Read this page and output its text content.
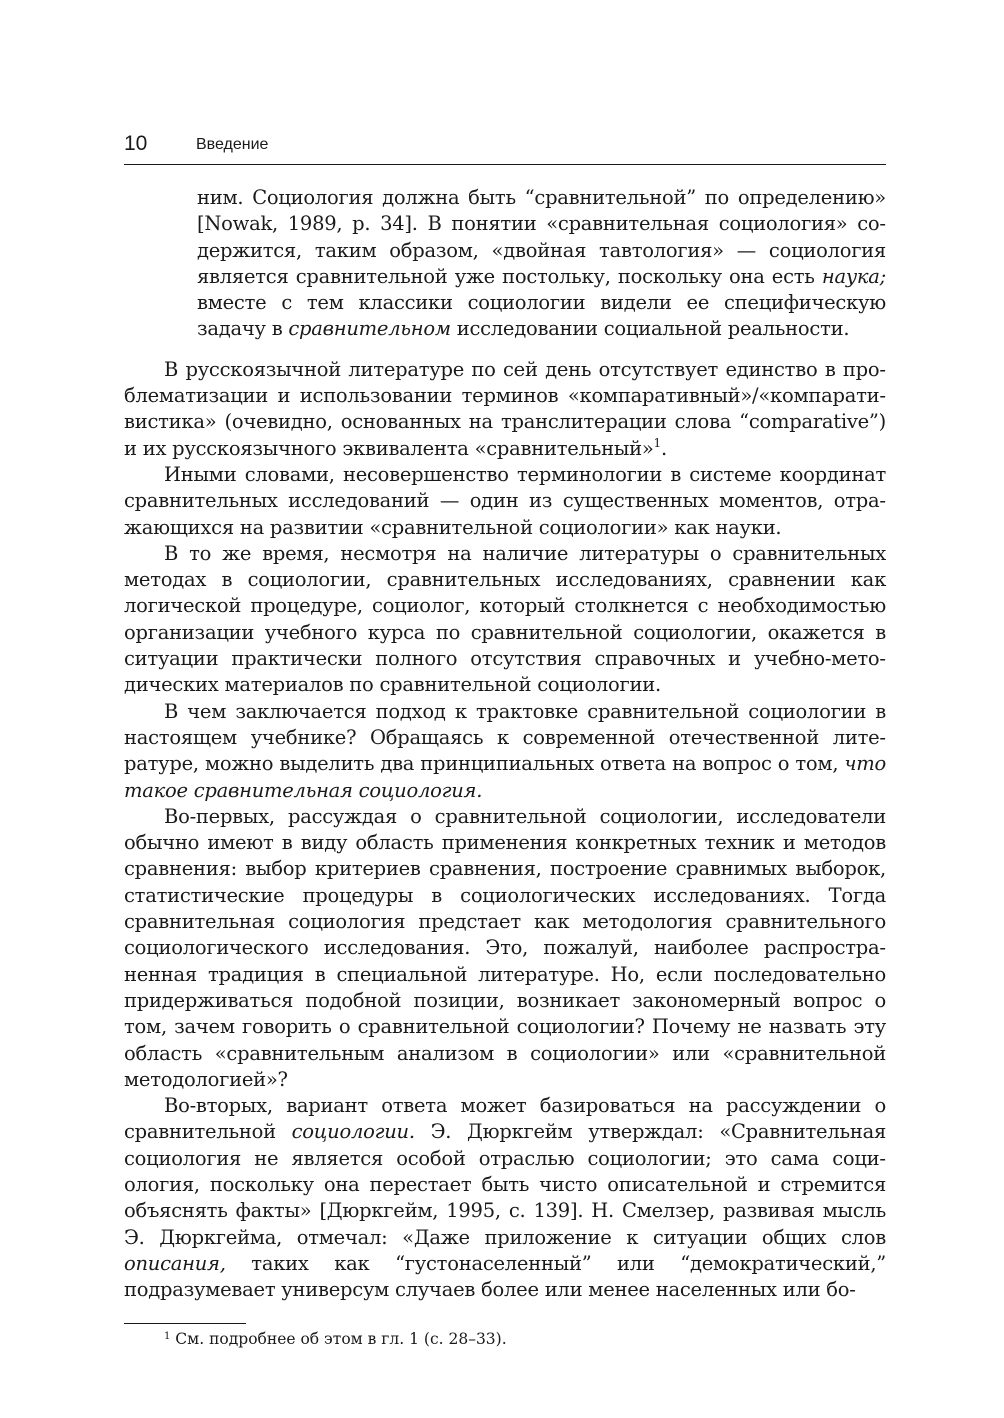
10	Введение

ним. Социология должна быть “сравнительной” по определению» [Nowak, 1989, p. 34]. В понятии «сравнительная социология» содержится, таким образом, «двойная тавтология» — социология является сравнительной уже постольку, поскольку она есть наука; вместе с тем классики социологии видели ее специфическую задачу в сравнительном исследовании социальной реальности.

В русскоязычной литературе по сей день отсутствует единство в проблематизации и использовании терминов «компаративный»/«компаративистика» (очевидно, основанных на транслитерации слова “comparative”) и их русскоязычного эквивалента «сравнительный»$^1$.

Иными словами, несовершенство терминологии в системе координат сравнительных исследований — один из существенных моментов, отражающихся на развитии «сравнительной социологии» как науки.

В то же время, несмотря на наличие литературы о сравнительных методах в социологии, сравнительных исследованиях, сравнении как логической процедуре, социолог, который столкнется с необходимостью организации учебного курса по сравнительной социологии, окажется в ситуации практически полного отсутствия справочных и учебно-методических материалов по сравнительной социологии.

В чем заключается подход к трактовке сравнительной социологии в настоящем учебнике? Обращаясь к современной отечественной литературе, можно выделить два принципиальных ответа на вопрос о том, что такое сравнительная социология.

Во-первых, рассуждая о сравнительной социологии, исследователи обычно имеют в виду область применения конкретных техник и методов сравнения: выбор критериев сравнения, построение сравнимых выборок, статистические процедуры в социологических исследованиях. Тогда сравнительная социология предстает как методология сравнительного социологического исследования. Это, пожалуй, наиболее распространенная традиция в специальной литературе. Но, если последовательно придерживаться подобной позиции, возникает закономерный вопрос о том, зачем говорить о сравнительной социологии? Почему не назвать эту область «сравнительным анализом в социологии» или «сравнительной методологией»?

Во-вторых, вариант ответа может базироваться на рассуждении о сравнительной социологии. Э. Дюркгейм утверждал: «Сравнительная социология не является особой отраслью социологии; это сама социология, поскольку она перестает быть чисто описательной и стремится объяснять факты» [Дюркгейм, 1995, с. 139]. Н. Смелзер, развивая мысль Э. Дюркгейма, отмечал: «Даже приложение к ситуации общих слов описания, таких как “густонаселенный” или “демократический,” подразумевает универсум случаев более или менее населенных или бо-

$^1$ См. подробнее об этом в гл. 1 (с. 28–33).
